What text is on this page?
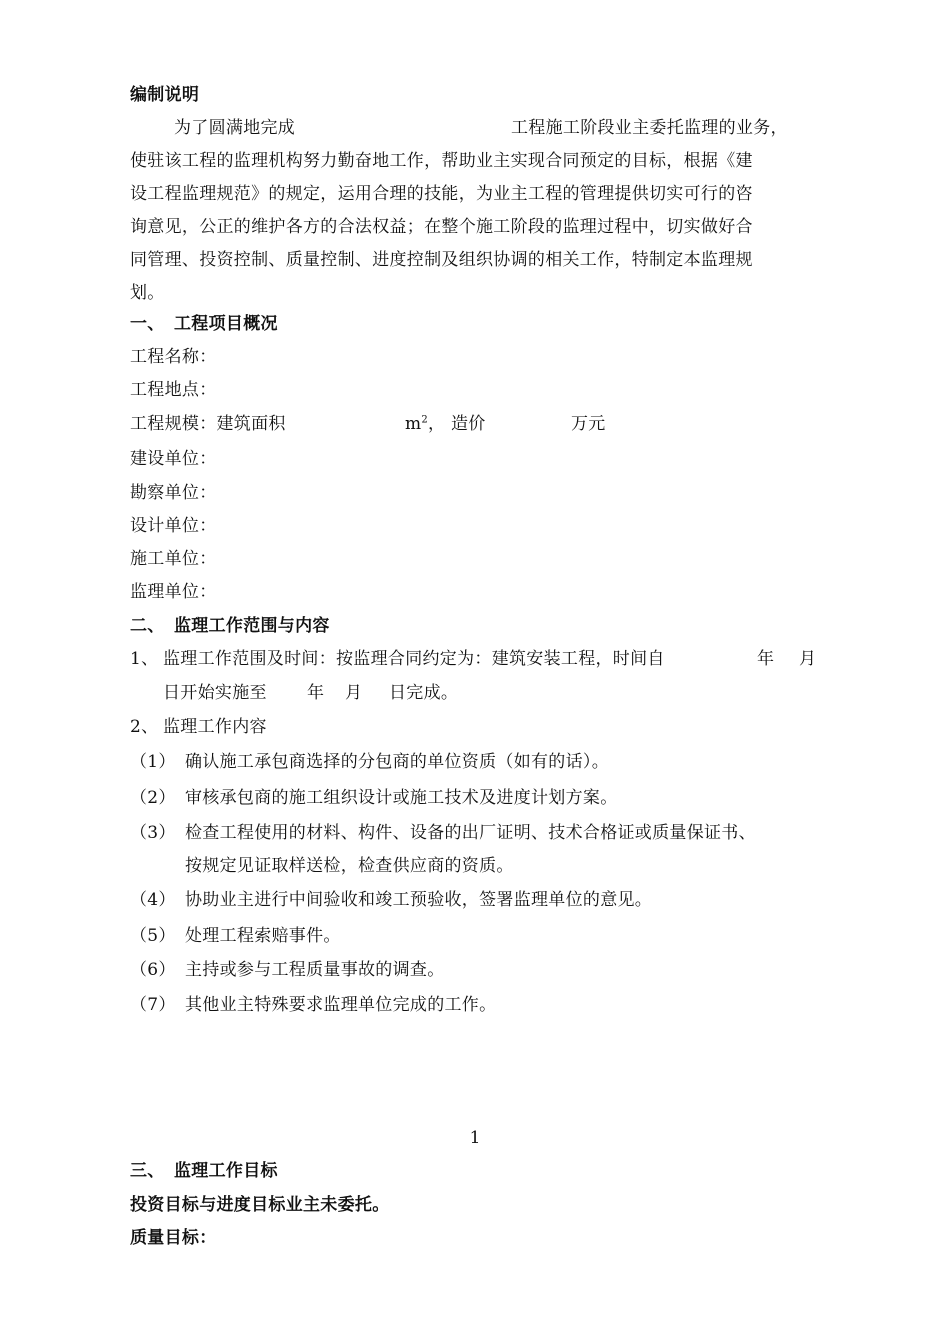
编制说明
为了圆满地完成	工程施工阶段业主委托监理的业务，
使驻该工程的监理机构努力勤奋地工作，帮助业主实现合同预定的目标，根据《建
设工程监理规范》的规定，运用合理的技能，为业主工程的管理提供切实可行的咨
询意见，公正的维护各方的合法权益；在整个施工阶段的监理过程中，切实做好合
同管理、投资控制、质量控制、进度控制及组织协调的相关工作，特制定本监理规
划。
一、 工程项目概况
工程名称：
工程地点：
工程规模：建筑面积	$m^2$ ， 造价	万元
建设单位：
勘察单位：
设计单位：
施工单位：
监理单位：
二、 监理工作范围与内容
1、 监理工作范围及时间：按监理合同约定为：建筑安装工程，时间自	年 月
日开始实施至 年 月 日完成。
2、 监理工作内容
（1） 确认施工承包商选择的分包商的单位资质（如有的话）。
（2） 审核承包商的施工组织设计或施工技术及进度计划方案。
（3） 检查工程使用的材料、构件、设备的出厂证明、技术合格证或质量保证书、
按规定见证取样送检，检查供应商的资质。
（4） 协助业主进行中间验收和竣工预验收，签署监理单位的意见。
（5） 处理工程索赔事件。
（6） 主持或参与工程质量事故的调查。
（7） 其他业主特殊要求监理单位完成的工作。
1
三、 监理工作目标
投资目标与进度目标业主未委托。
质量目标：
